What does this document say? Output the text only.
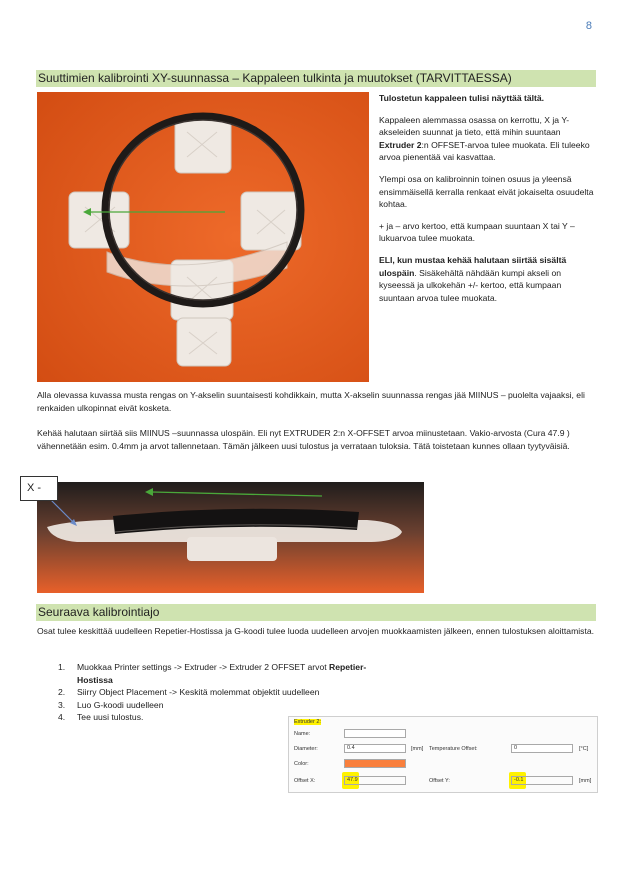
8
Suuttimien kalibrointi XY-suunnassa – Kappaleen tulkinta ja muutokset (TARVITTAESSA)

Tulostetun kappaleen tulisi näyttää tältä.

Kappaleen alemmassa osassa on kerrottu, X ja Y-akseleiden suunnat ja tieto, että mihin suuntaan Extruder 2:n OFFSET-arvoa tulee muokata. Eli tuleeko arvoa pienentää vai kasvattaa.

Ylempi osa on kalibroinnin toinen osuus ja yleensä ensimmäisellä kerralla renkaat eivät jokaiselta osuudelta kohtaa.

+ ja – arvo kertoo, että kumpaan suuntaan X tai Y –lukuarvoa tulee muokata.

ELI, kun mustaa kehää halutaan siirtää sisältä ulospäin. Sisäkehältä nähdään kumpi akseli on kyseessä ja ulkokehän +/- kertoo, että kumpaan suuntaan arvoa tulee muokata.

Alla olevassa kuvassa musta rengas on Y-akselin suuntaisesti kohdikkain, mutta X-akselin suunnassa rengas jää MIINUS – puolelta vajaaksi, eli renkaiden ulkopinnat eivät kosketa.
Kehää halutaan siirtää siis MIINUS –suunnassa ulospäin. Eli nyt EXTRUDER 2:n X-OFFSET arvoa miinustetaan. Vakio-arvosta (Cura 47.9 ) vähennetään esim. 0.4mm ja arvot tallennetaan. Tämän jälkeen uusi tulostus ja verrataan tuloksia. Tätä toistetaan kunnes ollaan tyytyväisiä.
X -
Seuraava kalibrointiajo
Osat tulee keskittää uudelleen Repetier-Hostissa ja G-koodi tulee luoda uudelleen arvojen muokkaamisten jälkeen, ennen tulostuksen aloittamista.
1.	Muokkaa Printer settings -> Extruder -> Extruder 2 OFFSET arvot Repetier-Hostissa
2.	Siirry Object Placement -> Keskitä molemmat objektit uudelleen
3.	Luo G-koodi uudelleen
4.	Tee uusi tulostus.	Extruder 2:
Name:
Diameter:	0.4	[mm] Temperature Offset:	0	[°C]
Color:
Offset X:	47.9	Offset Y:	-0.1	[mm]
